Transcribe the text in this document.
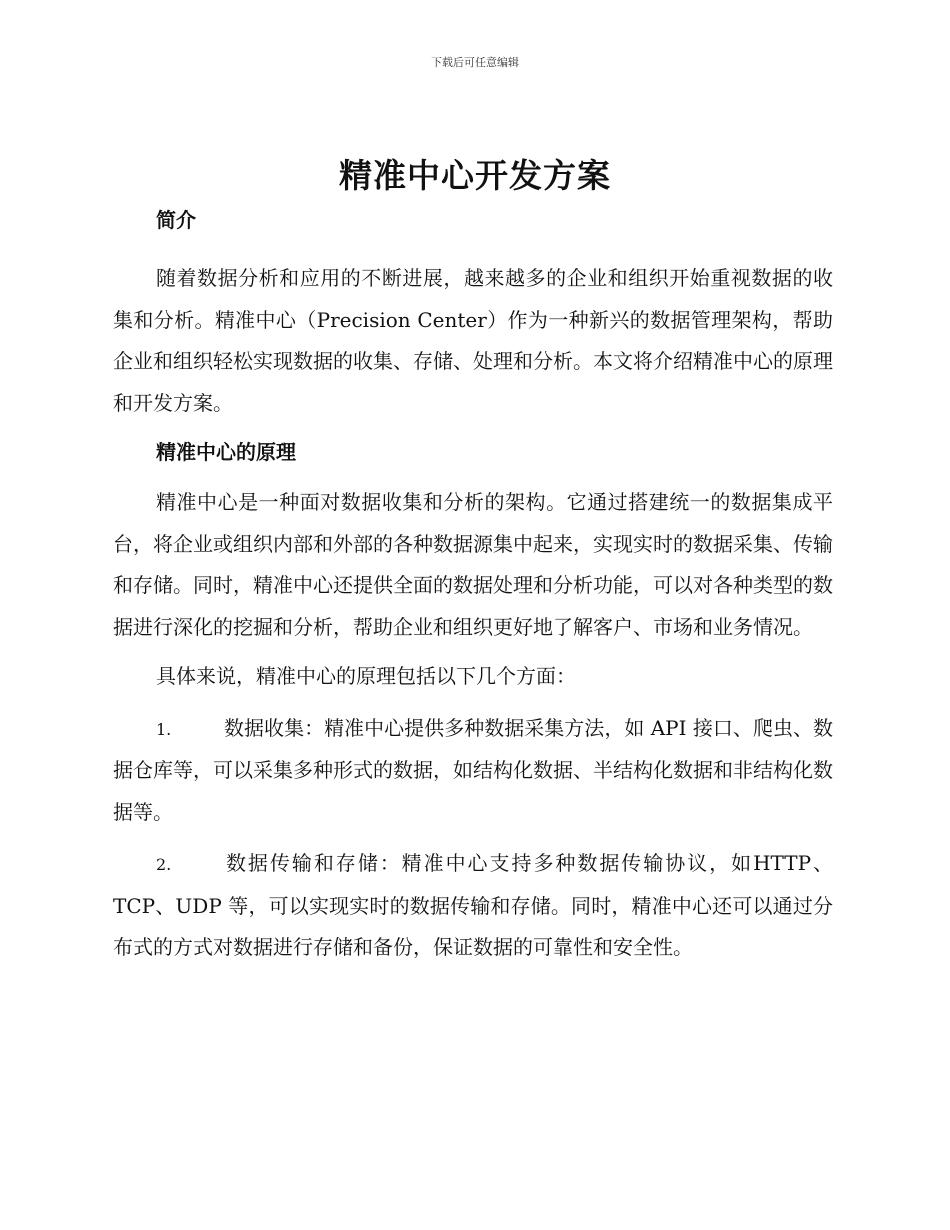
下载后可任意编辑
精准中心开发方案
简介

随着数据分析和应用的不断进展，越来越多的企业和组织开始重视数据的收集和分析。精准中心（Precision Center）作为一种新兴的数据管理架构，帮助企业和组织轻松实现数据的收集、存储、处理和分析。本文将介绍精准中心的原理和开发方案。

精准中心的原理

精准中心是一种面对数据收集和分析的架构。它通过搭建统一的数据集成平台，将企业或组织内部和外部的各种数据源集中起来，实现实时的数据采集、传输和存储。同时，精准中心还提供全面的数据处理和分析功能，可以对各种类型的数据进行深化的挖掘和分析，帮助企业和组织更好地了解客户、市场和业务情况。

具体来说，精准中心的原理包括以下几个方面：

1.	数据收集：精准中心提供多种数据采集方法，如 API 接口、爬虫、数据仓库等，可以采集多种形式的数据，如结构化数据、半结构化数据和非结构化数据等。

2.	数据传输和存储：精准中心支持多种数据传输协议，如HTTP、TCP、UDP 等，可以实现实时的数据传输和存储。同时，精准中心还可以通过分布式的方式对数据进行存储和备份，保证数据的可靠性和安全性。
